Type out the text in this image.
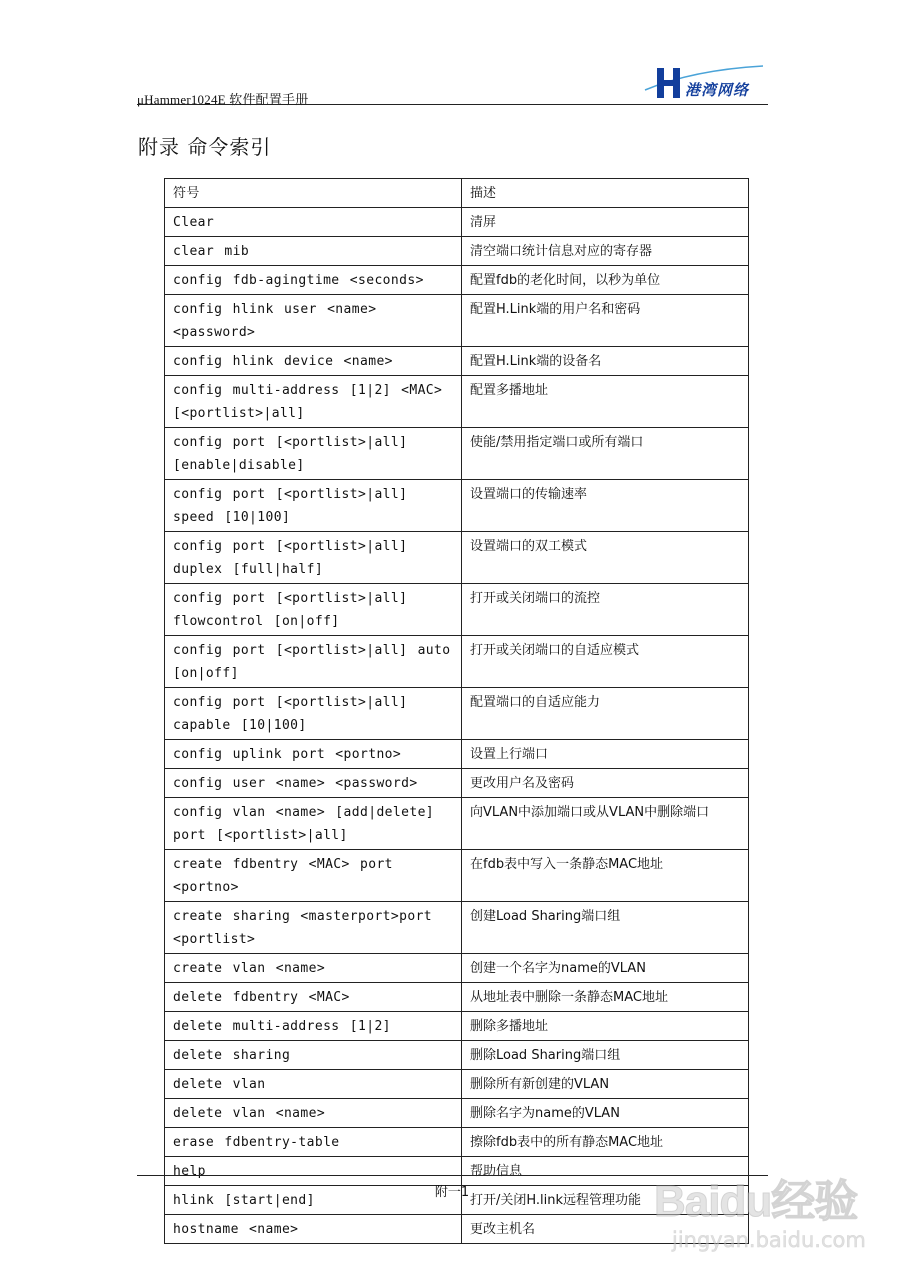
μHammer1024E 软件配置手册
港湾网络
附录 命令索引
符号	描述
Clear	清屏
clear mib	清空端口统计信息对应的寄存器
config fdb-agingtime <seconds>	配置fdb的老化时间，以秒为单位
config hlink user <name> <password>	配置H.Link端的用户名和密码
config hlink device <name>	配置H.Link端的设备名
config multi-address [1|2] <MAC> [<portlist>|all]	配置多播地址
config port [<portlist>|all] [enable|disable]	使能/禁用指定端口或所有端口
config port [<portlist>|all] speed [10|100]	设置端口的传输速率
config port [<portlist>|all] duplex [full|half]	设置端口的双工模式
config port [<portlist>|all] flowcontrol [on|off]	打开或关闭端口的流控
config port [<portlist>|all] auto [on|off]	打开或关闭端口的自适应模式
config port [<portlist>|all] capable [10|100]	配置端口的自适应能力
config uplink port <portno>	设置上行端口
config user <name> <password>	更改用户名及密码
config vlan <name> [add|delete] port [<portlist>|all]	向VLAN中添加端口或从VLAN中删除端口
create fdbentry <MAC> port <portno>	在fdb表中写入一条静态MAC地址
create sharing <masterport>port <portlist>	创建Load Sharing端口组
create vlan <name>	创建一个名字为name的VLAN
delete fdbentry <MAC>	从地址表中删除一条静态MAC地址
delete multi-address [1|2]	删除多播地址
delete sharing	删除Load Sharing端口组
delete vlan	删除所有新创建的VLAN
delete vlan <name>	删除名字为name的VLAN
erase fdbentry-table	擦除fdb表中的所有静态MAC地址
help	帮助信息
hlink [start|end]	打开/关闭H.link远程管理功能
hostname <name>	更改主机名
附一1	Baidu经验
jingyan.baidu.com
